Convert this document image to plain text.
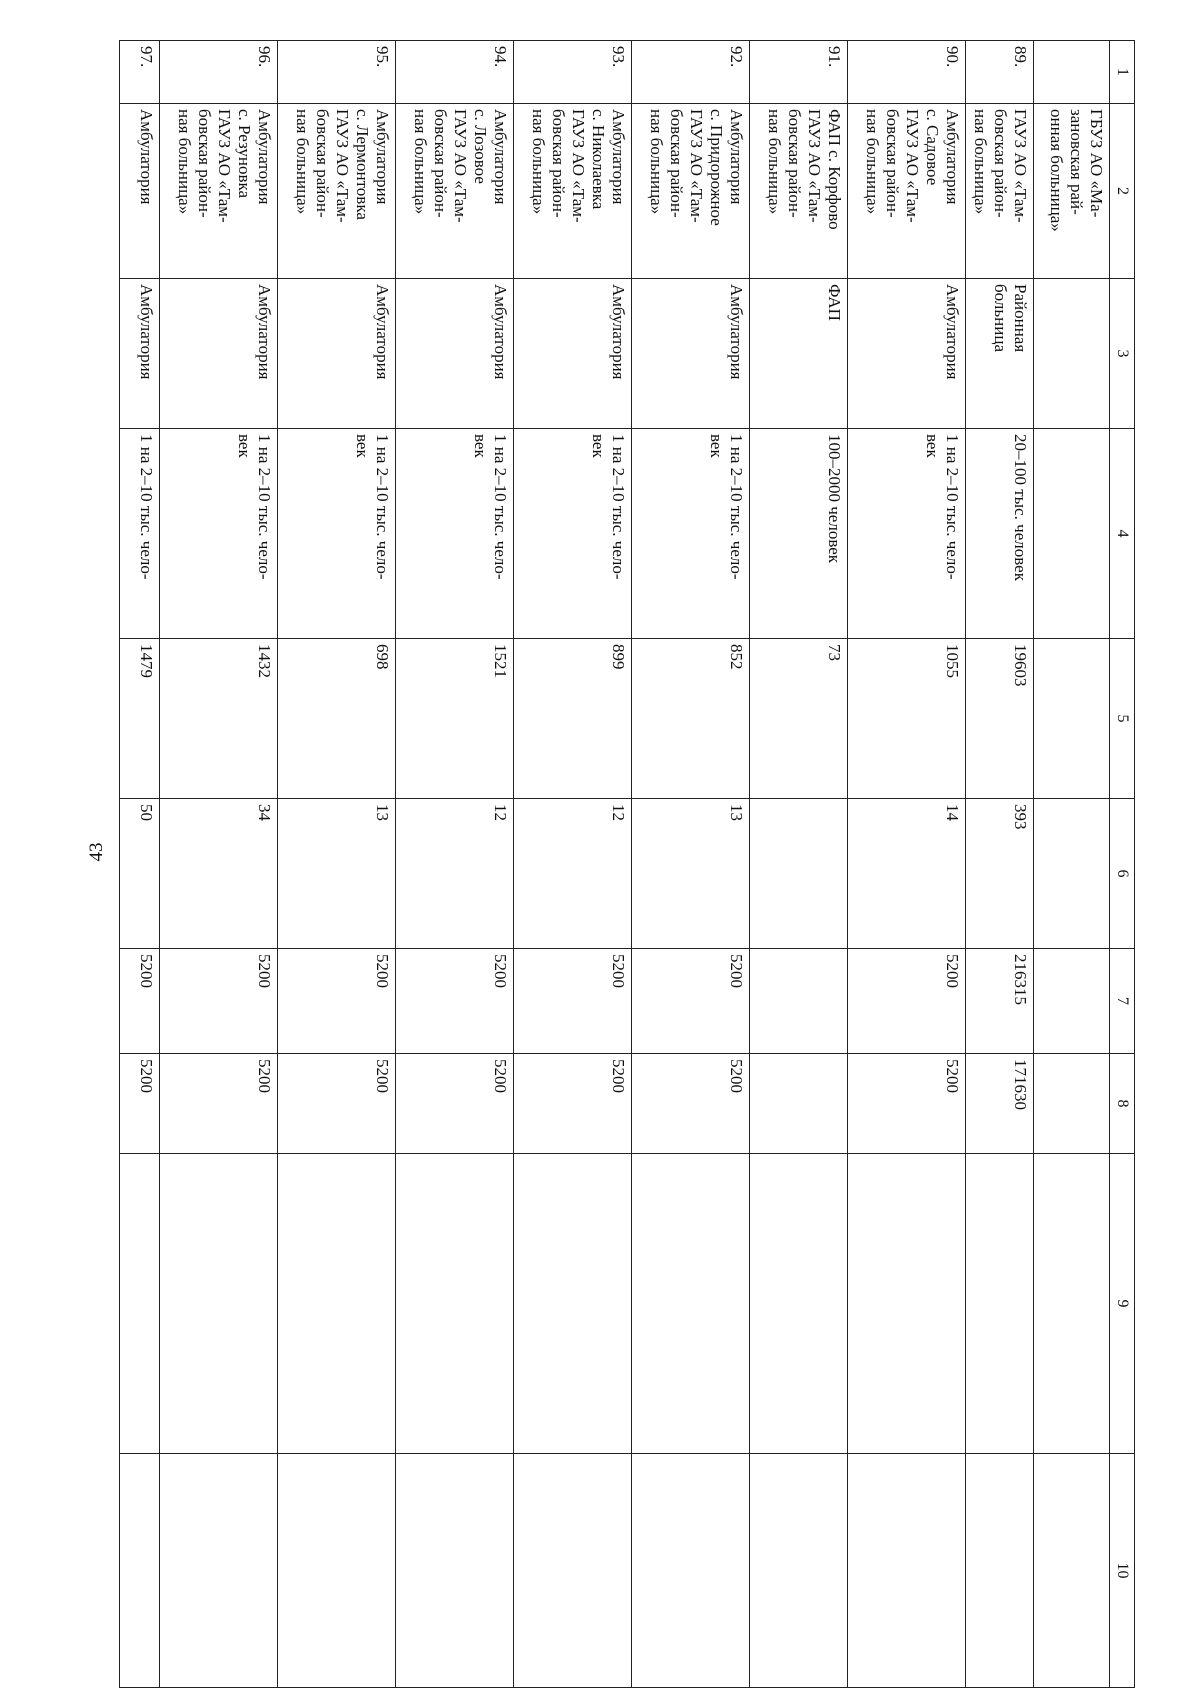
43
1	2	3	4	5	6	7	8	9	10
	ГБУЗ АО «Ма-
зановская рай-
онная больница»								
89.	ГАУЗ АО «Там-
бовская район-
ная больница»	Районная
больница	20–100 тыс. человек	19603	393	216315	171630		
90.	Амбулатория
с. Садовое
ГАУЗ АО «Там-
бовская район-
ная больница»	Амбулатория	1 на 2–10 тыс. чело-
век	1055	14	5200	5200		
91.	ФАП с. Корфово
ГАУЗ АО «Там-
бовская район-
ная больница»	ФАП	100–2000 человек	73					
92.	Амбулатория
с. Придорожное
ГАУЗ АО «Там-
бовская район-
ная больница»	Амбулатория	1 на 2–10 тыс. чело-
век	852	13	5200	5200		
93.	Амбулатория
с. Николаевка
ГАУЗ АО «Там-
бовская район-
ная больница»	Амбулатория	1 на 2–10 тыс. чело-
век	899	12	5200	5200		
94.	Амбулатория
с. Лозовое
ГАУЗ АО «Там-
бовская район-
ная больница»	Амбулатория	1 на 2–10 тыс. чело-
век	1521	12	5200	5200		
95.	Амбулатория
с. Лермонтовка
ГАУЗ АО «Там-
бовская район-
ная больница»	Амбулатория	1 на 2–10 тыс. чело-
век	698	13	5200	5200		
96.	Амбулатория
с. Резуновка
ГАУЗ АО «Там-
бовская район-
ная больница»	Амбулатория	1 на 2–10 тыс. чело-
век	1432	34	5200	5200		
97.	Амбулатория	Амбулатория	1 на 2–10 тыс. чело-	1479	50	5200	5200		
